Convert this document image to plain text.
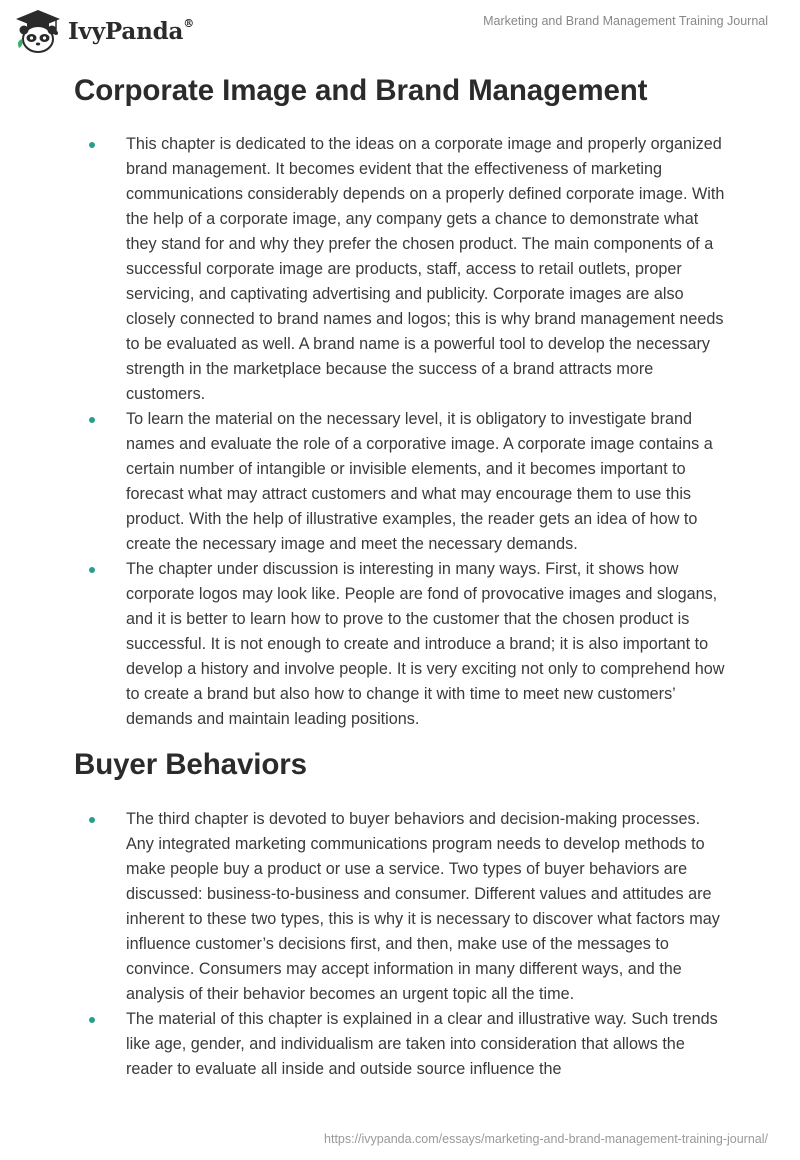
IvyPanda®	Marketing and Brand Management Training Journal
Corporate Image and Brand Management
This chapter is dedicated to the ideas on a corporate image and properly organized brand management. It becomes evident that the effectiveness of marketing communications considerably depends on a properly defined corporate image. With the help of a corporate image, any company gets a chance to demonstrate what they stand for and why they prefer the chosen product. The main components of a successful corporate image are products, staff, access to retail outlets, proper servicing, and captivating advertising and publicity. Corporate images are also closely connected to brand names and logos; this is why brand management needs to be evaluated as well. A brand name is a powerful tool to develop the necessary strength in the marketplace because the success of a brand attracts more customers.
To learn the material on the necessary level, it is obligatory to investigate brand names and evaluate the role of a corporative image. A corporate image contains a certain number of intangible or invisible elements, and it becomes important to forecast what may attract customers and what may encourage them to use this product. With the help of illustrative examples, the reader gets an idea of how to create the necessary image and meet the necessary demands.
The chapter under discussion is interesting in many ways. First, it shows how corporate logos may look like. People are fond of provocative images and slogans, and it is better to learn how to prove to the customer that the chosen product is successful. It is not enough to create and introduce a brand; it is also important to develop a history and involve people. It is very exciting not only to comprehend how to create a brand but also how to change it with time to meet new customers’ demands and maintain leading positions.
Buyer Behaviors
The third chapter is devoted to buyer behaviors and decision-making processes. Any integrated marketing communications program needs to develop methods to make people buy a product or use a service. Two types of buyer behaviors are discussed: business-to-business and consumer. Different values and attitudes are inherent to these two types, this is why it is necessary to discover what factors may influence customer’s decisions first, and then, make use of the messages to convince. Consumers may accept information in many different ways, and the analysis of their behavior becomes an urgent topic all the time.
The material of this chapter is explained in a clear and illustrative way. Such trends like age, gender, and individualism are taken into consideration that allows the reader to evaluate all inside and outside source influence the
https://ivypanda.com/essays/marketing-and-brand-management-training-journal/
